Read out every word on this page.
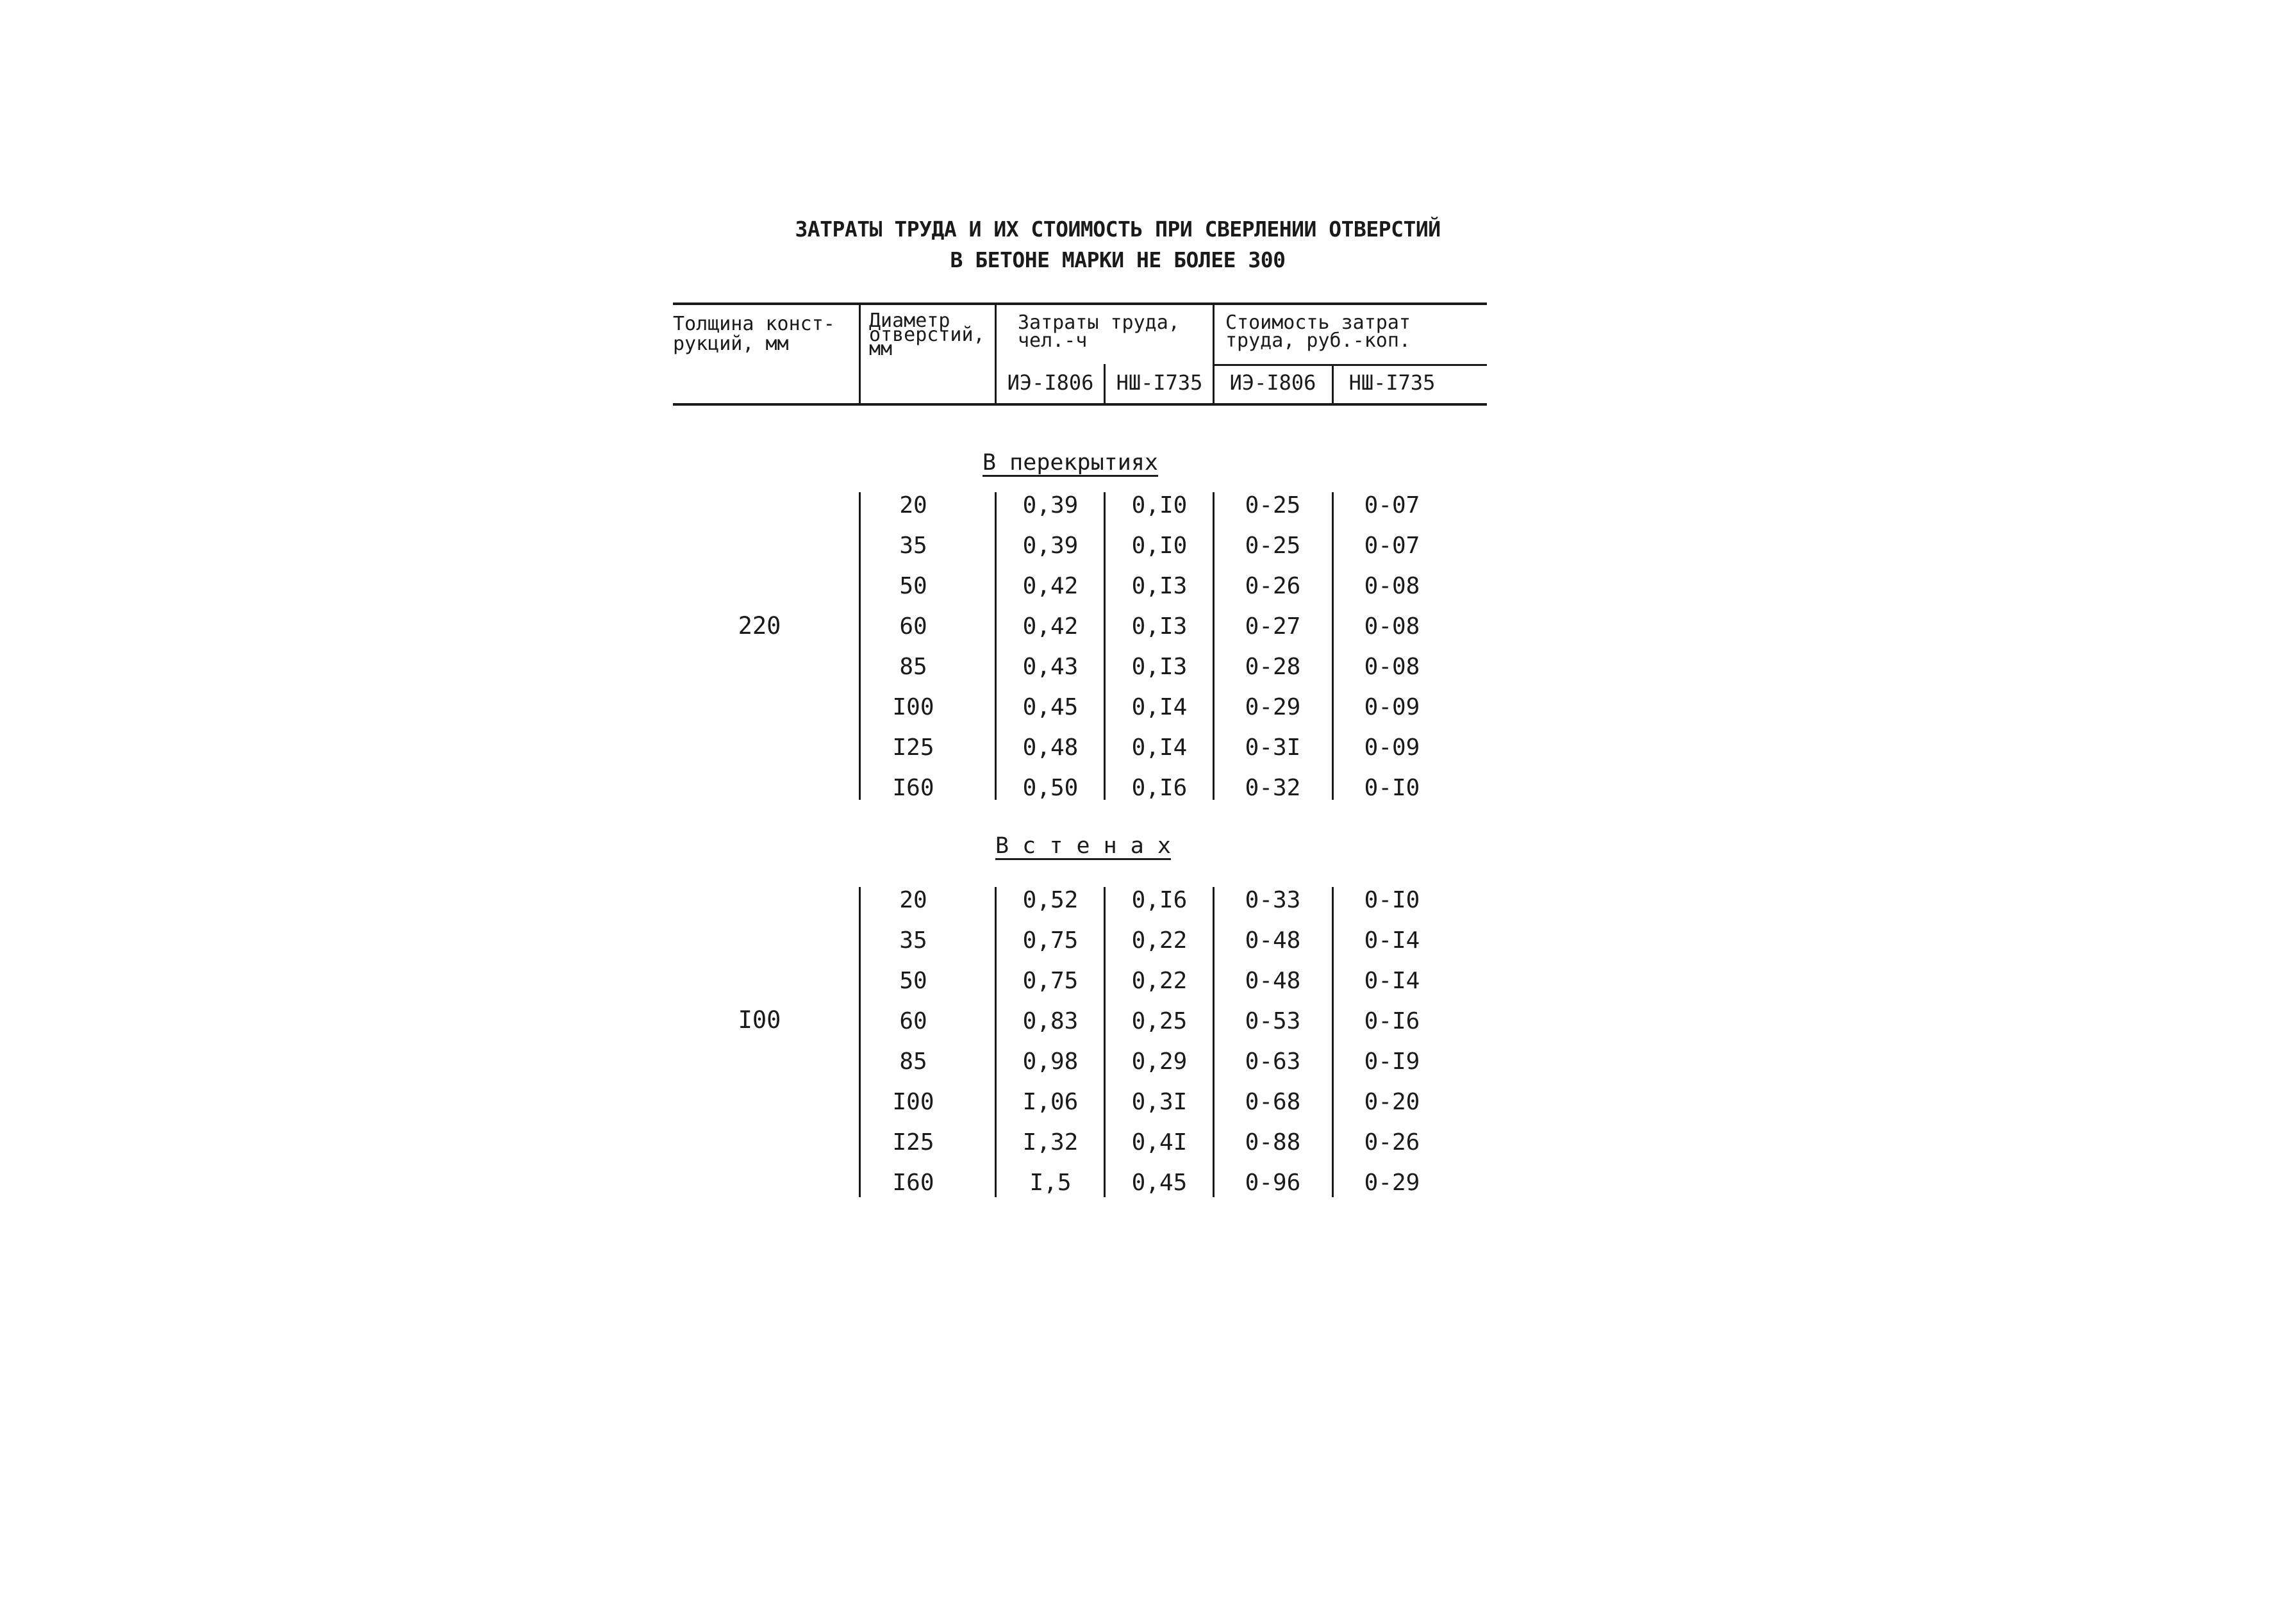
ЗАТРАТЫ ТРУДА И ИХ СТОИМОСТЬ ПРИ СВЕРЛЕНИИ ОТВЕРСТИЙ
В БЕТОНЕ МАРКИ НЕ БОЛЕЕ 300
Толщина конст-
рукций, мм
Диаметр
отверстий,
мм
Затраты труда,
чел.-ч
Стоимость затрат
труда, руб.-коп.
ИЭ-I806	НШ-I735	ИЭ-I806	НШ-I735
В перекрытиях
220
20	0,39	0,I0	0-25	0-07
35	0,39	0,I0	0-25	0-07
50	0,42	0,I3	0-26	0-08
60	0,42	0,I3	0-27	0-08
85	0,43	0,I3	0-28	0-08
I00	0,45	0,I4	0-29	0-09
I25	0,48	0,I4	0-3I	0-09
I60	0,50	0,I6	0-32	0-I0
В с т е н а х
I00
20	0,52	0,I6	0-33	0-I0
35	0,75	0,22	0-48	0-I4
50	0,75	0,22	0-48	0-I4
60	0,83	0,25	0-53	0-I6
85	0,98	0,29	0-63	0-I9
I00	I,06	0,3I	0-68	0-20
I25	I,32	0,4I	0-88	0-26
I60	I,5	0,45	0-96	0-29
